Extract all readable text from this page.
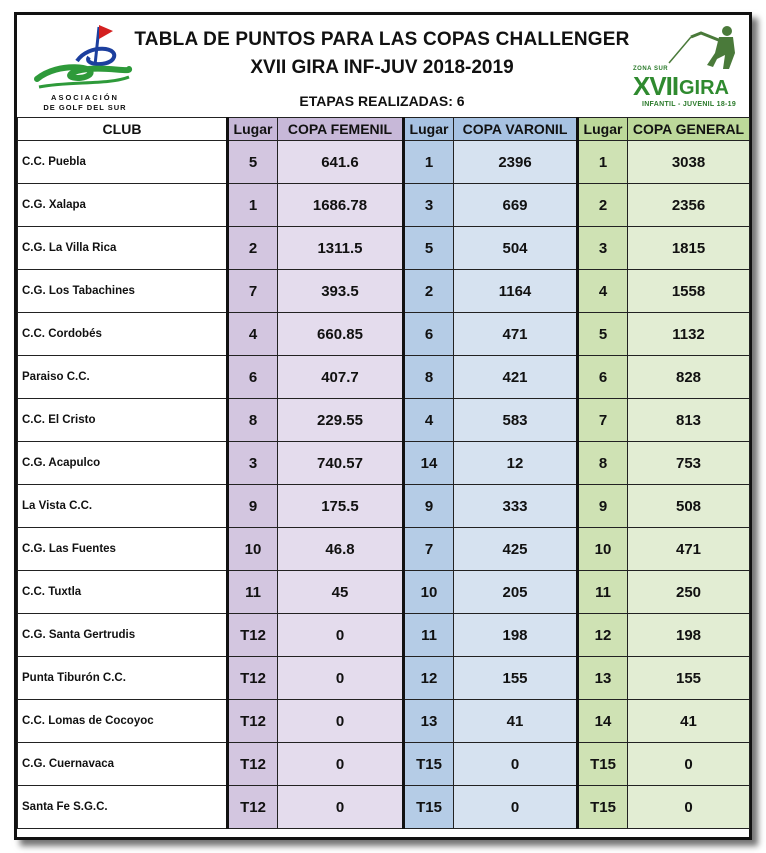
ASOCIACIÓN
DE GOLF DEL SUR
TABLA DE PUNTOS PARA LAS COPAS CHALLENGER
XVII GIRA INF-JUV 2018-2019
ETAPAS REALIZADAS: 6
ZONA SUR
XVII GIRA
INFANTIL - JUVENIL 18-19
CLUB	Lugar	COPA FEMENIL	Lugar	COPA VARONIL	Lugar	COPA GENERAL
C.C. Puebla	5	641.6	1	2396	1	3038
C.G. Xalapa	1	1686.78	3	669	2	2356
C.G. La Villa Rica	2	1311.5	5	504	3	1815
C.G. Los Tabachines	7	393.5	2	1164	4	1558
C.C. Cordobés	4	660.85	6	471	5	1132
Paraiso C.C.	6	407.7	8	421	6	828
C.C. El Cristo	8	229.55	4	583	7	813
C.G. Acapulco	3	740.57	14	12	8	753
La Vista C.C.	9	175.5	9	333	9	508
C.G. Las Fuentes	10	46.8	7	425	10	471
C.C. Tuxtla	11	45	10	205	11	250
C.G. Santa Gertrudis	T12	0	11	198	12	198
Punta Tiburón C.C.	T12	0	12	155	13	155
C.C. Lomas de Cocoyoc	T12	0	13	41	14	41
C.G. Cuernavaca	T12	0	T15	0	T15	0
Santa Fe S.G.C.	T12	0	T15	0	T15	0
